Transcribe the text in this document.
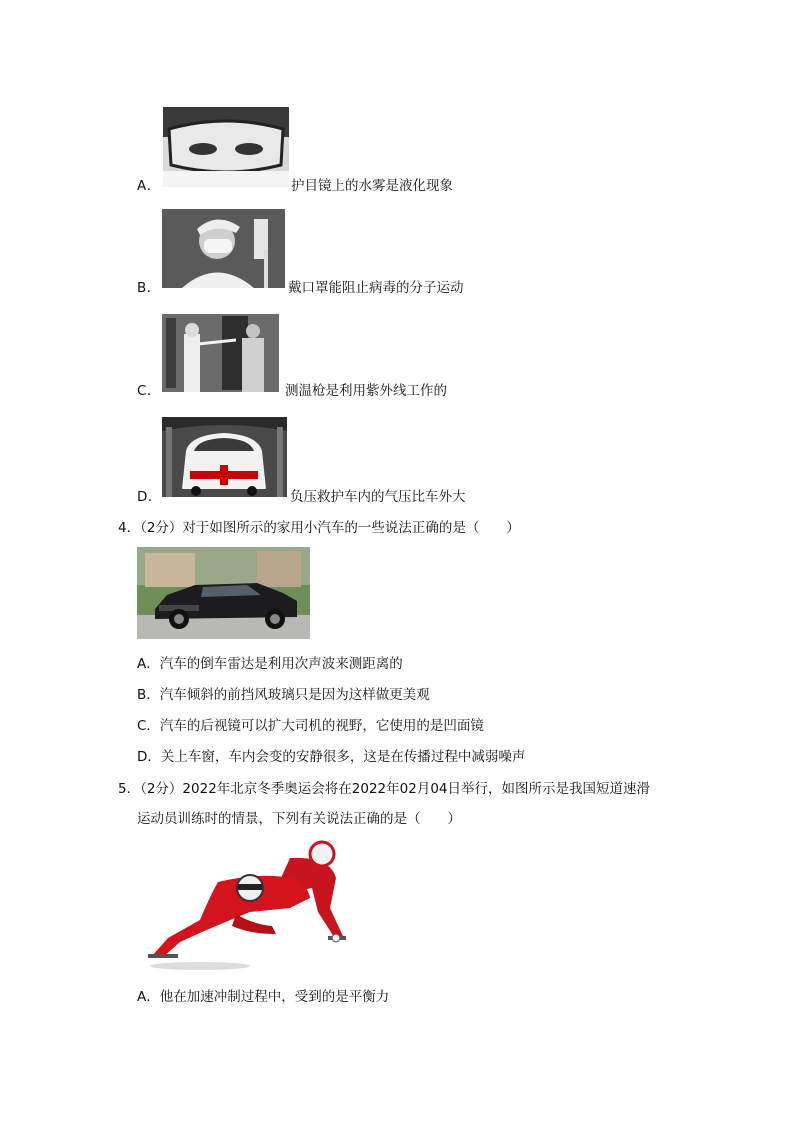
A．	护目镜上的水雾是液化现象
B．	戴口罩能阻止病毒的分子运动
C．	测温枪是利用紫外线工作的
D．	负压救护车内的气压比车外大
4．（2分）对于如图所示的家用小汽车的一些说法正确的是（　　）
A．汽车的倒车雷达是利用次声波来测距离的
B．汽车倾斜的前挡风玻璃只是因为这样做更美观
C．汽车的后视镜可以扩大司机的视野，它使用的是凹面镜
D．关上车窗，车内会变的安静很多，这是在传播过程中减弱噪声
5．（2分）2022年北京冬季奥运会将在2022年02月04日举行，如图所示是我国短道速滑
运动员训练时的情景，下列有关说法正确的是（　　）
A．他在加速冲制过程中，受到的是平衡力
